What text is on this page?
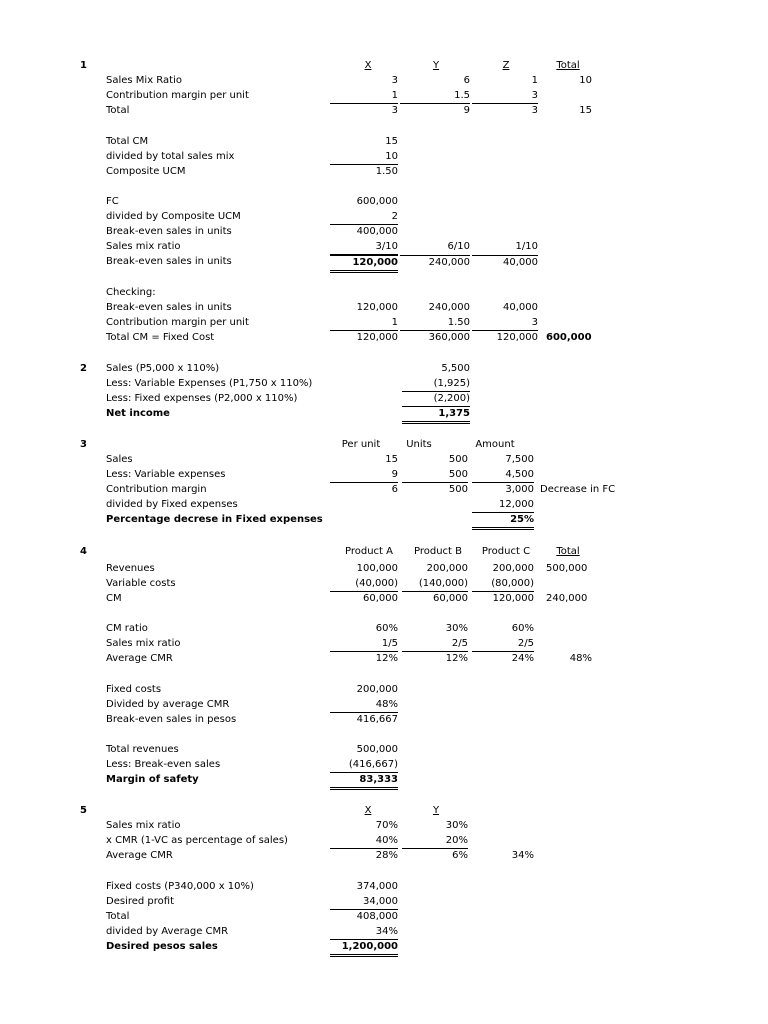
1	X	Y	Z	Total
Sales Mix Ratio	3	6	1	10
Contribution margin per unit	1	1.5	3
Total	3	9	3	15
Total CM	15
divided by total sales mix	10
Composite UCM	1.50
FC	600,000
divided by Composite UCM	2
Break-even sales in units	400,000
Sales mix ratio	3/10	6/10	1/10
Break-even sales in units	120,000	240,000	40,000
Checking:
Break-even sales in units	120,000	240,000	40,000
Contribution margin per unit	1	1.50	3
Total CM = Fixed Cost	120,000	360,000	120,000 600,000
2	Sales (P5,000 x 110%)	5,500
Less: Variable Expenses (P1,750 x 110%)	(1,925)
Less: Fixed expenses (P2,000 x 110%)	(2,200)
Net income	1,375
3	Per unit	Units	Amount
Sales	15	500	7,500
Less: Variable expenses	9	500	4,500
Contribution margin	6	500	3,000 Decrease in FC
divided by Fixed expenses	12,000
Percentage decrese in Fixed expenses	25%
4	Product A	Product B	Product C	Total
Revenues	100,000	200,000	200,000 500,000
Variable costs	(40,000)	(140,000)	(80,000)
CM	60,000	60,000	120,000 240,000
CM ratio	60%	30%	60%
Sales mix ratio	1/5	2/5	2/5
Average CMR	12%	12%	24%	48%
Fixed costs	200,000
Divided by average CMR	48%
Break-even sales in pesos	416,667
Total revenues	500,000
Less: Break-even sales	(416,667)
Margin of safety	83,333
5	X	Y
Sales mix ratio	70%	30%
x CMR (1-VC as percentage of sales)	40%	20%
Average CMR	28%	6%	34%
Fixed costs (P340,000 x 10%)	374,000
Desired profit	34,000
Total	408,000
divided by Average CMR	34%
Desired pesos sales	1,200,000
